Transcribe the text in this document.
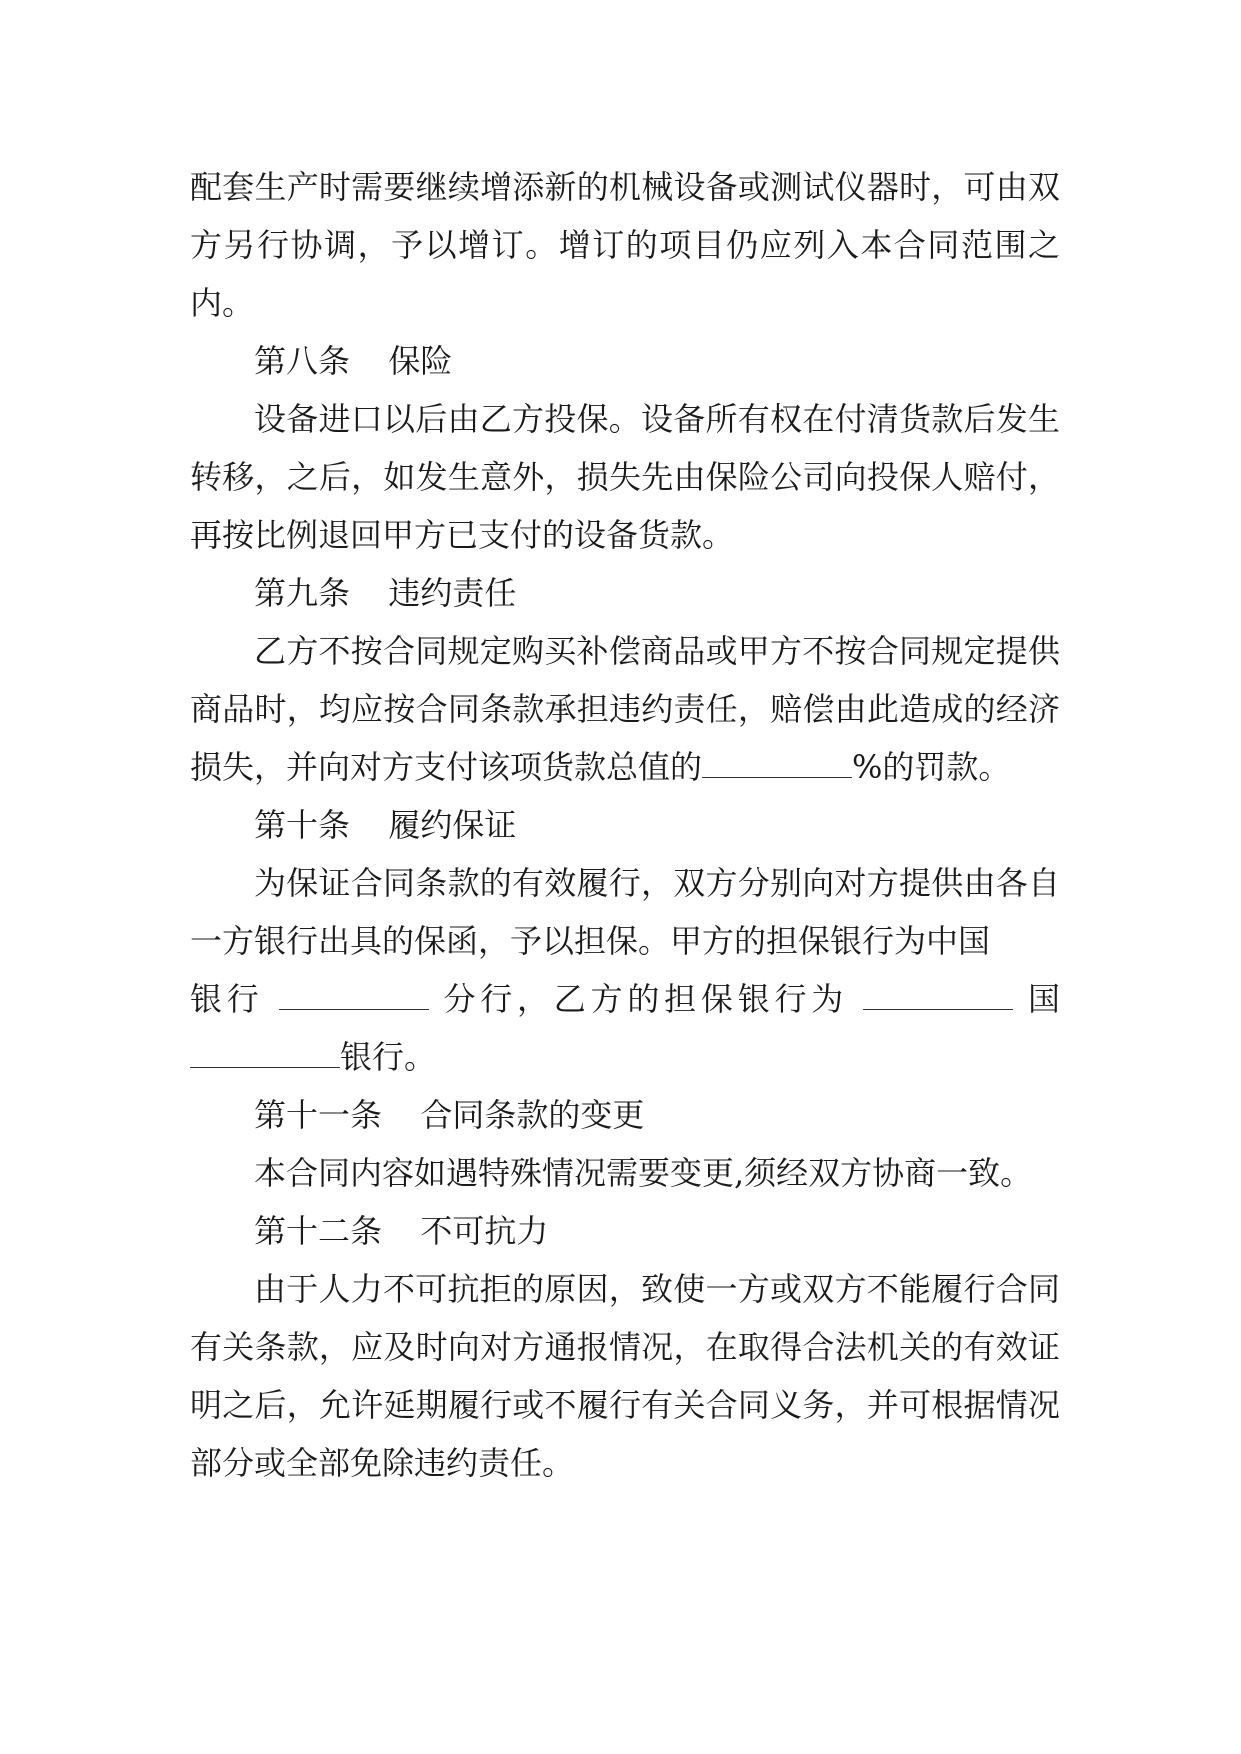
配套生产时需要继续增添新的机械设备或测试仪器时，可由双方另行协调，予以增订。增订的项目仍应列入本合同范围之内。

第八条 保险

设备进口以后由乙方投保。设备所有权在付清货款后发生转移，之后，如发生意外，损失先由保险公司向投保人赔付，再按比例退回甲方已支付的设备货款。

第九条 违约责任

乙方不按合同规定购买补偿商品或甲方不按合同规定提供商品时，均应按合同条款承担违约责任，赔偿由此造成的经济损失，并向对方支付该项货款总值的	%的罚款。

第十条 履约保证

为保证合同条款的有效履行，双方分别向对方提供由各自一方银行出具的保函，予以担保。甲方的担保银行为中国

银行	分行，乙方的担保银行为	国

银行。

第十一条 合同条款的变更

本合同内容如遇特殊情况需要变更,须经双方协商一致。

第十二条 不可抗力

由于人力不可抗拒的原因，致使一方或双方不能履行合同有关条款，应及时向对方通报情况，在取得合法机关的有效证明之后，允许延期履行或不履行有关合同义务，并可根据情况部分或全部免除违约责任。
